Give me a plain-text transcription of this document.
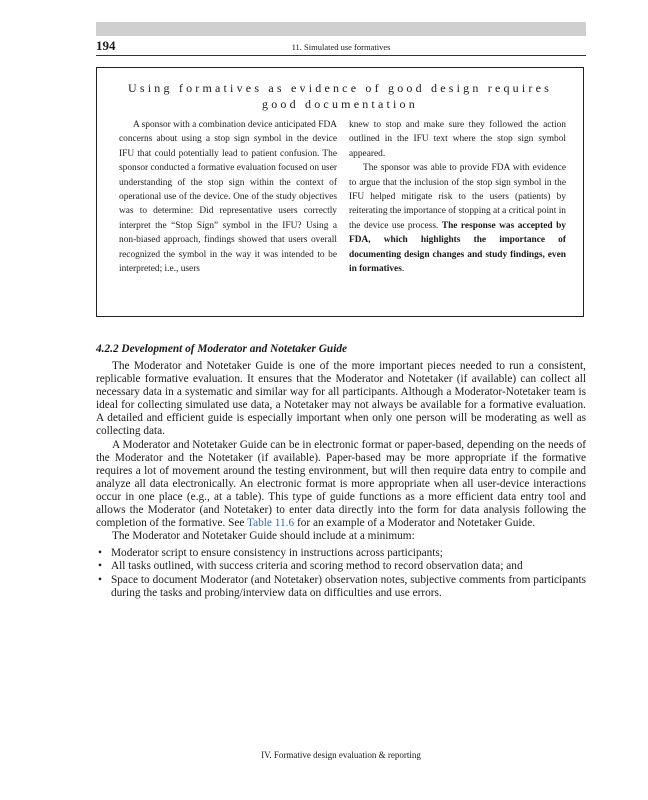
194	11. Simulated use formatives
Using formatives as evidence of good design requires
good documentation

A sponsor with a combination device anticipated FDA concerns about using a stop sign symbol in the device IFU that could potentially lead to patient confusion. The sponsor conducted a formative evaluation focused on user understanding of the stop sign within the context of operational use of the device. One of the study objectives was to determine: Did representative users correctly interpret the “Stop Sign” symbol in the IFU? Using a non-biased approach, findings showed that users overall recognized the symbol in the way it was intended to be interpreted; i.e., users

knew to stop and make sure they followed the action outlined in the IFU text where the stop sign symbol appeared.

The sponsor was able to provide FDA with evidence to argue that the inclusion of the stop sign symbol in the IFU helped mitigate risk to the users (patients) by reiterating the importance of stopping at a critical point in the device use process. The response was accepted by FDA, which highlights the importance of documenting design changes and study findings, even in formatives.

4.2.2 Development of Moderator and Notetaker Guide

The Moderator and Notetaker Guide is one of the more important pieces needed to run a consistent, replicable formative evaluation. It ensures that the Moderator and Notetaker (if available) can collect all necessary data in a systematic and similar way for all participants. Although a Moderator-Notetaker team is ideal for collecting simulated use data, a Notetaker may not always be available for a formative evaluation. A detailed and efficient guide is especially important when only one person will be moderating as well as collecting data.

A Moderator and Notetaker Guide can be in electronic format or paper-based, depending on the needs of the Moderator and the Notetaker (if available). Paper-based may be more appropriate if the formative requires a lot of movement around the testing environment, but will then require data entry to compile and analyze all data electronically. An electronic format is more appropriate when all user-device interactions occur in one place (e.g., at a table). This type of guide functions as a more efficient data entry tool and allows the Moderator (and Notetaker) to enter data directly into the form for data analysis following the completion of the formative. See Table 11.6 for an example of a Moderator and Notetaker Guide.

The Moderator and Notetaker Guide should include at a minimum:

• Moderator script to ensure consistency in instructions across participants;
• All tasks outlined, with success criteria and scoring method to record observation data; and
• Space to document Moderator (and Notetaker) observation notes, subjective comments from participants during the tasks and probing/interview data on difficulties and use errors.
IV. Formative design evaluation & reporting
